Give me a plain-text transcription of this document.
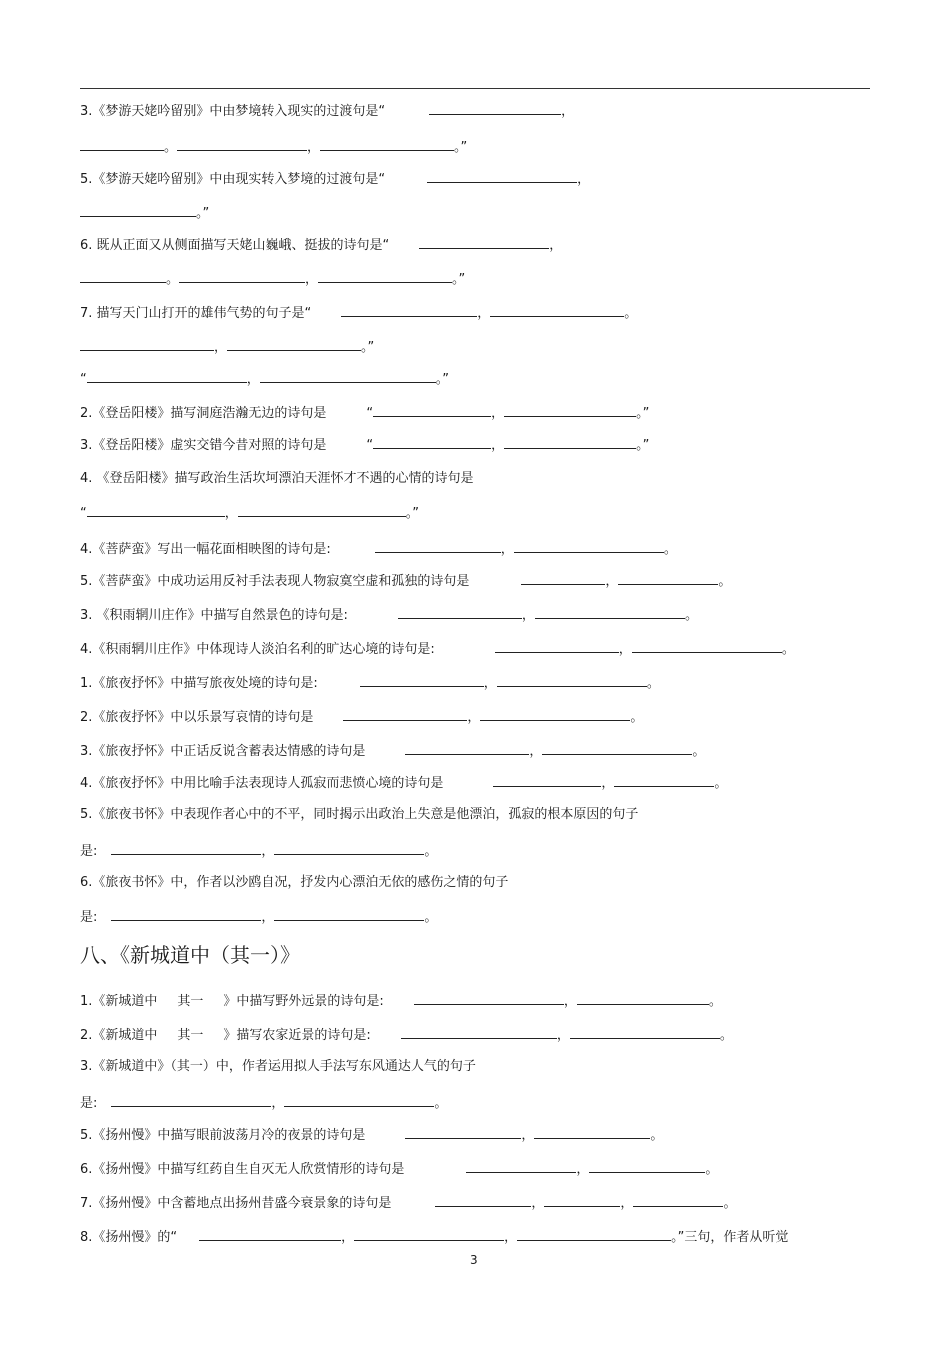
3.《梦游天姥吟留别》中由梦境转入现实的过渡句是“	，
。	，	。”
5.《梦游天姥吟留别》中由现实转入梦境的过渡句是“	，
。”
6. 既从正面又从侧面描写天姥山巍峨、挺拔的诗句是“	，
。	，	。”
7. 描写天门山打开的雄伟气势的句子是“	，	。
，	。”
“	，	。”
2.《登岳阳楼》描写洞庭浩瀚无边的诗句是	“	，	。”
3.《登岳阳楼》虚实交错今昔对照的诗句是	“	，	。”
4. 《登岳阳楼》描写政治生活坎坷漂泊天涯怀才不遇的心情的诗句是
“	，	。”
4.《菩萨蛮》写出一幅花面相映图的诗句是:	，	。
5.《菩萨蛮》中成功运用反衬手法表现人物寂寞空虚和孤独的诗句是	，	。
3. 《积雨辋川庄作》中描写自然景色的诗句是:	，	。
4.《积雨辋川庄作》中体现诗人淡泊名利的旷达心境的诗句是:	，	。
1.《旅夜抒怀》中描写旅夜处境的诗句是:	，	。
2.《旅夜抒怀》中以乐景写哀情的诗句是	，	。
3.《旅夜抒怀》中正话反说含蓄表达情感的诗句是	，	。
4.《旅夜抒怀》中用比喻手法表现诗人孤寂而悲愤心境的诗句是	，	。
5.《旅夜书怀》中表现作者心中的不平，同时揭示出政治上失意是他漂泊，孤寂的根本原因的句子
是:	，	。
6.《旅夜书怀》中，作者以沙鸥自况，抒发内心漂泊无依的感伤之情的句子
是:	，	。
1.《新城道中 其一 》中描写野外远景的诗句是:	，	。
2.《新城道中 其一 》描写农家近景的诗句是:	，	。
3.《新城道中》（其一）中，作者运用拟人手法写东风通达人气的句子
是:	，	。
5.《扬州慢》中描写眼前波荡月冷的夜景的诗句是	，	。
6.《扬州慢》中描写红药自生自灭无人欣赏情形的诗句是	，	。
7.《扬州慢》中含蓄地点出扬州昔盛今衰景象的诗句是	，	，	。
8.《扬州慢》的“	，	，	。”三句，作者从听觉
八、《新城道中（其一）》
3
